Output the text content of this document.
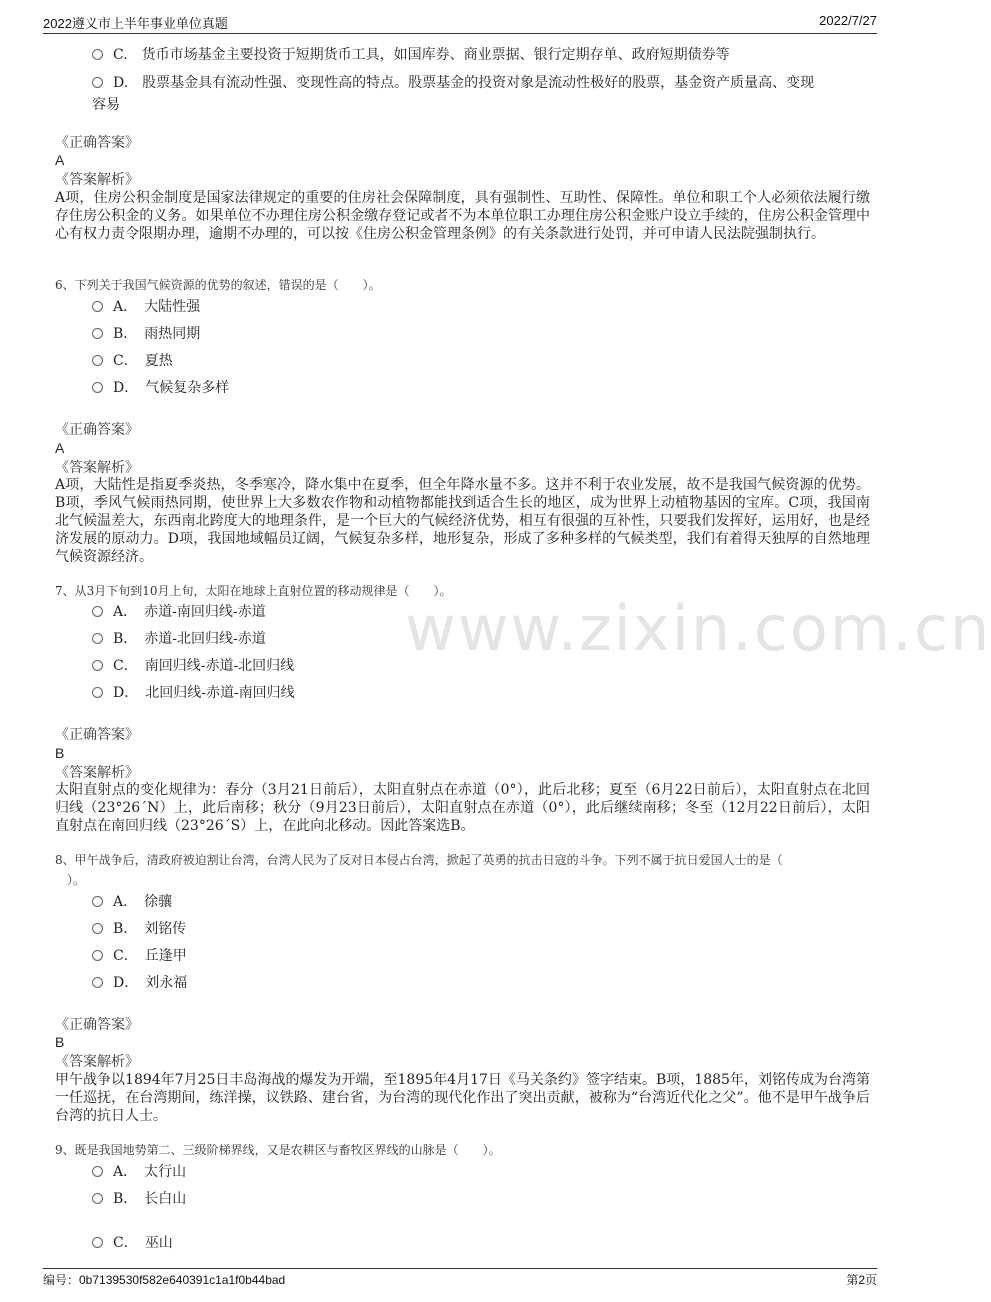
2022遵义市上半年事业单位真题	2022/7/27
www.zixin.com.cn
C.　货币市场基金主要投资于短期货币工具，如国库券、商业票据、银行定期存单、政府短期债券等
D.　股票基金具有流动性强、变现性高的特点。股票基金的投资对象是流动性极好的股票，基金资产质量高、变现
容易
《正确答案》
A
《答案解析》
A项，住房公积金制度是国家法律规定的重要的住房社会保障制度，具有强制性、互助性、保障性。单位和职工个人必须依法履行缴存住房公积金的义务。如果单位不办理住房公积金缴存登记或者不为本单位职工办理住房公积金账户设立手续的，住房公积金管理中心有权力责令限期办理，逾期不办理的，可以按《住房公积金管理条例》的有关条款进行处罚，并可申请人民法院强制执行。
6、下列关于我国气候资源的优势的叙述，错误的是（　　）。
A．　大陆性强
B．　雨热同期
C．　夏热
D．　气候复杂多样
《正确答案》
A
《答案解析》
A项，大陆性是指夏季炎热，冬季寒冷，降水集中在夏季，但全年降水量不多。这并不利于农业发展，故不是我国气候资源的优势。B项，季风气候雨热同期，使世界上大多数农作物和动植物都能找到适合生长的地区，成为世界上动植物基因的宝库。C项，我国南北气候温差大，东西南北跨度大的地理条件，是一个巨大的气候经济优势，相互有很强的互补性，只要我们发挥好，运用好，也是经济发展的原动力。D项，我国地域幅员辽阔，气候复杂多样，地形复杂，形成了多种多样的气候类型，我们有着得天独厚的自然地理气候资源经济。
7、从3月下旬到10月上旬，太阳在地球上直射位置的移动规律是（　　）。
A．　赤道-南回归线-赤道
B．　赤道-北回归线-赤道
C．　南回归线-赤道-北回归线
D．　北回归线-赤道-南回归线
《正确答案》
B
《答案解析》
太阳直射点的变化规律为：春分（3月21日前后），太阳直射点在赤道（0°），此后北移；夏至（6月22日前后），太阳直射点在北回归线（23°26´N）上，此后南移；秋分（9月23日前后），太阳直射点在赤道（0°），此后继续南移；冬至（12月22日前后），太阳直射点在南回归线（23°26´S）上，在此向北移动。因此答案选B。
8、甲午战争后，清政府被迫割让台湾，台湾人民为了反对日本侵占台湾，掀起了英勇的抗击日寇的斗争。下列不属于抗日爱国人士的是（
　）。
A．　徐骧
B．　刘铭传
C．　丘逢甲
D．　刘永福
《正确答案》
B
《答案解析》
甲午战争以1894年7月25日丰岛海战的爆发为开端，至1895年4月17日《马关条约》签字结束。B项，1885年，刘铭传成为台湾第一任巡抚，在台湾期间，练洋操，议铁路、建台省，为台湾的现代化作出了突出贡献，被称为“台湾近代化之父”。他不是甲午战争后台湾的抗日人士。
9、既是我国地势第二、三级阶梯界线，又是农耕区与畜牧区界线的山脉是（　　）。
A．　太行山
B．　长白山
C．　巫山
编号：0b7139530f582e640391c1a1f0b44bad	第2页
